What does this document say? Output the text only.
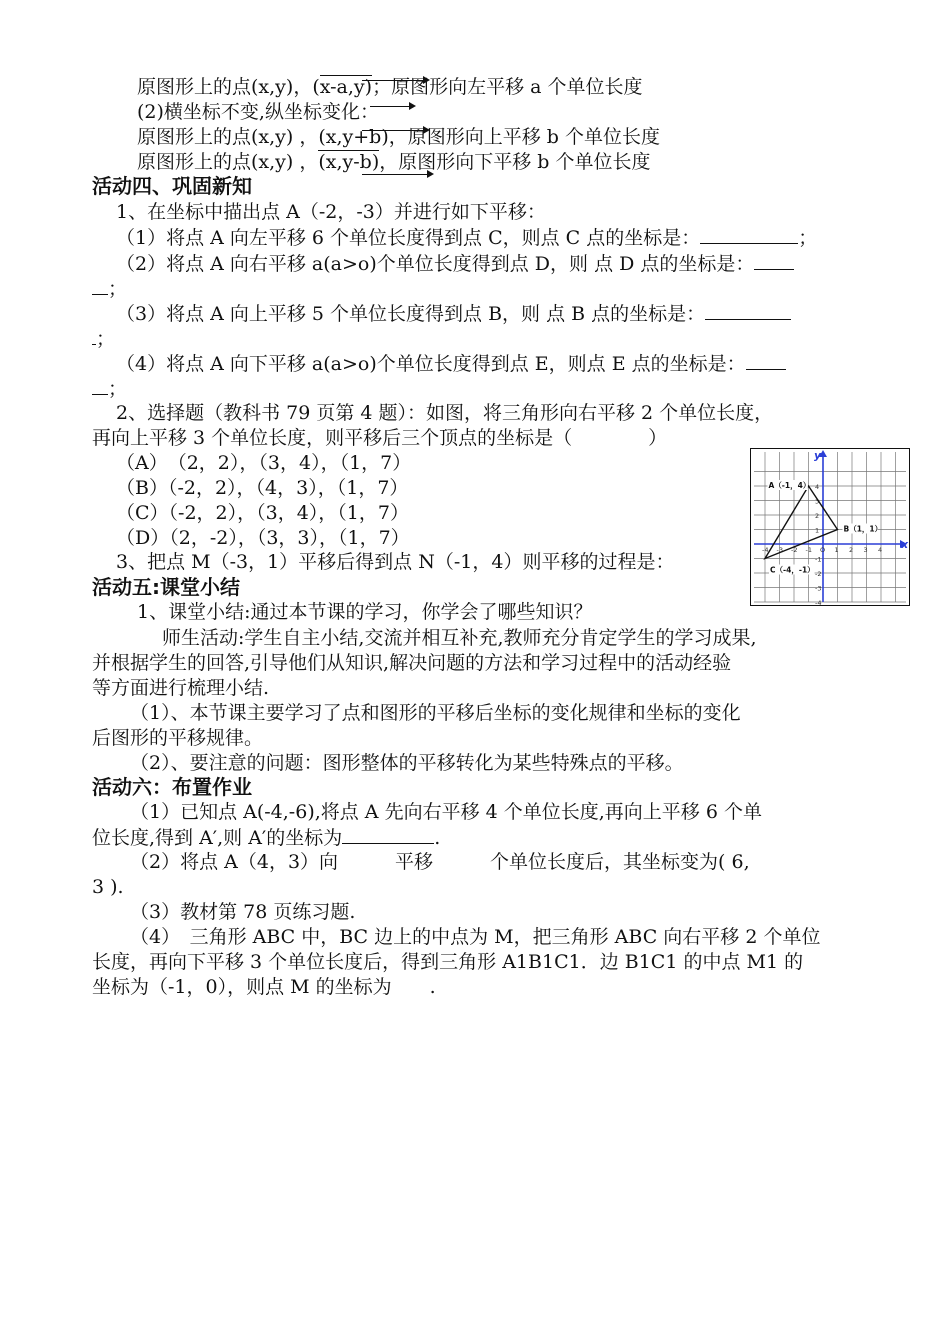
原图形上的点(x,y)，(x-a,y)；原图形向左平移 a 个单位长度
(2)横坐标不变,纵坐标变化：
原图形上的点(x,y) ，(x,y+b)，原图形向上平移 b 个单位长度
原图形上的点(x,y) ，(x,y-b)，原图形向下平移 b 个单位长度
活动四、巩固新知
1、在坐标中描出点 A（-2，-3）并进行如下平移：
（1）将点 A 向左平移 6 个单位长度得到点 C，则点 C 点的坐标是：	；
（2）将点 A 向右平移 a(a>o)个单位长度得到点 D，则 点 D 点的坐标是：
；
（3）将点 A 向上平移 5 个单位长度得到点 B，则 点 B 点的坐标是：
；
（4）将点 A 向下平移 a(a>o)个单位长度得到点 E，则点 E 点的坐标是：
；
2、选择题（教科书 79 页第 4 题）：如图，将三角形向右平移 2 个单位长度，
再向上平移 3 个单位长度，则平移后三个顶点的坐标是（　　　　）
（A）　（2，2），（3，4），（1，7）
（B）（-2，2），（4，3），（1，7）
（C）（-2，2），（3，4），（1，7）
（D）（2，-2），（3，3），（1，7）
3、把点 M（-3，1）平移后得到点 N（-1，4）则平移的过程是：
x
y
-4 -3 -2 -1 O 1 2 3 4
4
3
2
1
-1
-2
-3
-4
A（-1，4）
B（1，1）
C（-4，-1）
活动五:课堂小结
1、课堂小结:通过本节课的学习，你学会了哪些知识？
师生活动:学生自主小结,交流并相互补充,教师充分肯定学生的学习成果,
并根据学生的回答,引导他们从知识,解决问题的方法和学习过程中的活动经验
等方面进行梳理小结.
（1）、本节课主要学习了点和图形的平移后坐标的变化规律和坐标的变化
后图形的平移规律。
（2）、要注意的问题：图形整体的平移转化为某些特殊点的平移。
活动六：布置作业
（1）已知点 A(-4,-6),将点 A 先向右平移 4 个单位长度,再向上平移 6 个单
位长度,得到 A′,则 A′的坐标为	.
（2）将点 A（4，3）向　　　平移　　　个单位长度后，其坐标变为( 6,
3 ).
（3）教材第 78 页练习题.
（4）　三角形 ABC 中，BC 边上的中点为 M，把三角形 ABC 向右平移 2 个单位
长度，再向下平移 3 个单位长度后，得到三角形 A1B1C1．边 B1C1 的中点 M1 的
坐标为（-1，0），则点 M 的坐标为　　.
